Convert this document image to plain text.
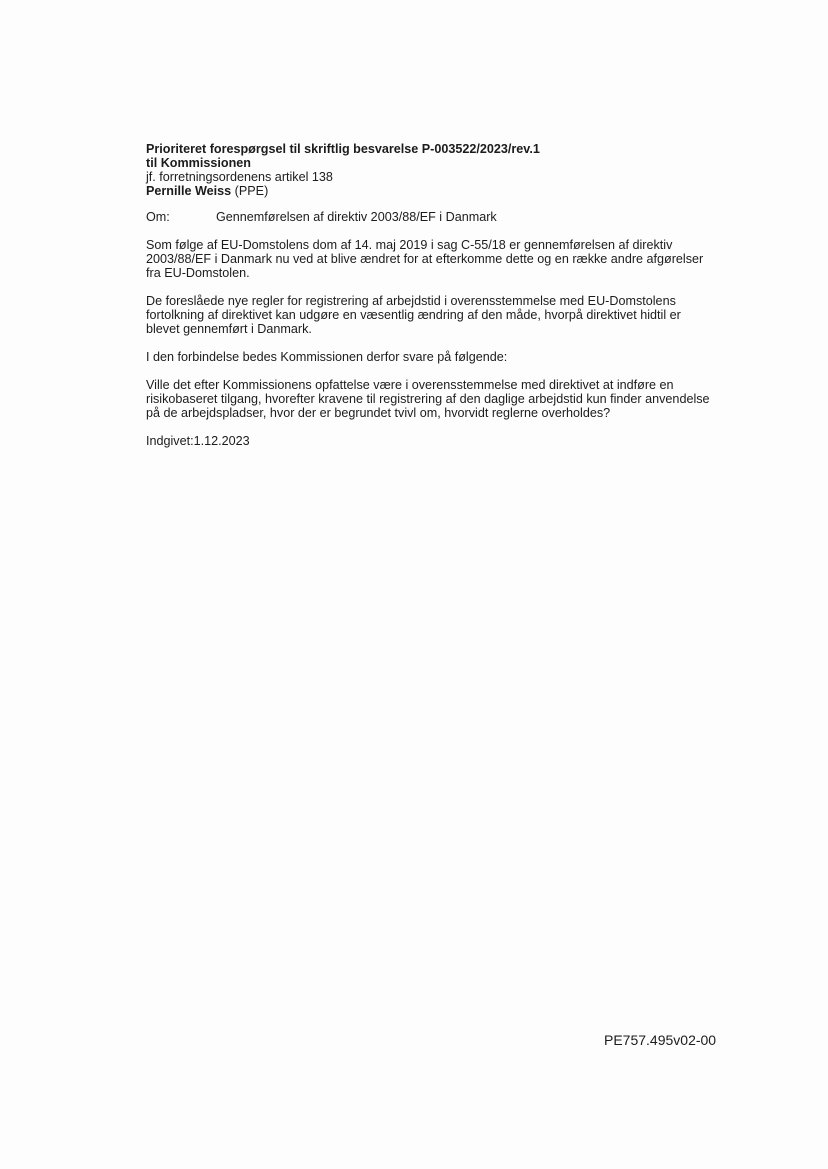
Prioriteret forespørgsel til skriftlig besvarelse P-003522/2023/rev.1

til Kommissionen

jf. forretningsordenens artikel 138

Pernille Weiss (PPE)

Om:	Gennemførelsen af direktiv 2003/88/EF i Danmark

Som følge af EU-Domstolens dom af 14. maj 2019 i sag C-55/18 er gennemførelsen af direktiv

2003/88/EF i Danmark nu ved at blive ændret for at efterkomme dette og en række andre afgørelser

fra EU-Domstolen.

De foreslåede nye regler for registrering af arbejdstid i overensstemmelse med EU-Domstolens

fortolkning af direktivet kan udgøre en væsentlig ændring af den måde, hvorpå direktivet hidtil er

blevet gennemført i Danmark.

I den forbindelse bedes Kommissionen derfor svare på følgende:

Ville det efter Kommissionens opfattelse være i overensstemmelse med direktivet at indføre en

risikobaseret tilgang, hvorefter kravene til registrering af den daglige arbejdstid kun finder anvendelse

på de arbejdspladser, hvor der er begrundet tvivl om, hvorvidt reglerne overholdes?

Indgivet:1.12.2023

PE757.495v02-00
